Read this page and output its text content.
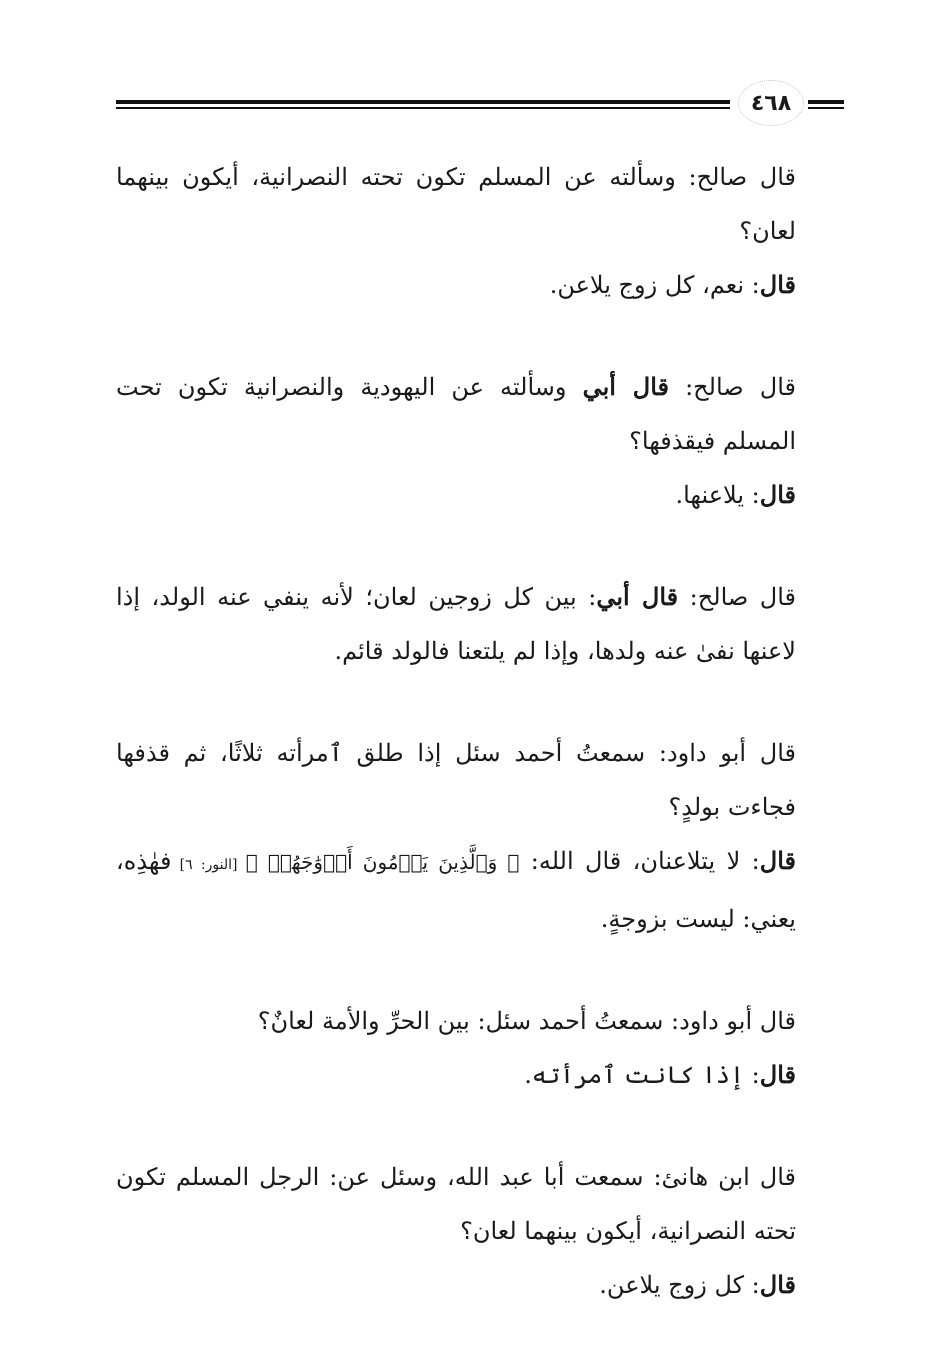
٤٦٨

قال صالح: وسألته عن المسلم تكون تحته النصرانية، أيكون بينهما لعان؟

قال: نعم، كل زوج يلاعن.

قال صالح: قال أبي وسألته عن اليهودية والنصرانية تكون تحت المسلم فيقذفها؟

قال: يلاعنها.

قال صالح: قال أبي: بين كل زوجين لعان؛ لأنه ينفي عنه الولد، إذا لاعنها نفىٰ عنه ولدها، وإذا لم يلتعنا فالولد قائم.

قال أبو داود: سمعتُ أحمد سئل إذا طلق ٱمرأته ثلاثًا، ثم قذفها فجاءت بولدٍ؟

قال: لا يتلاعنان، قال الله: ﴿ وَٱلَّذِينَ يَرۡمُونَ أَزۡوَٰجَهُمۡ ﴾ [النور: ٦] فهٰذِه، يعني: ليست بزوجةٍ.

قال أبو داود: سمعتُ أحمد سئل: بين الحرِّ والأمة لعانٌ؟

قال: إذا كانت ٱمرأته.

قال ابن هانئ: سمعت أبا عبد الله، وسئل عن: الرجل المسلم تكون تحته النصرانية، أيكون بينهما لعان؟

قال: كل زوج يلاعن.
